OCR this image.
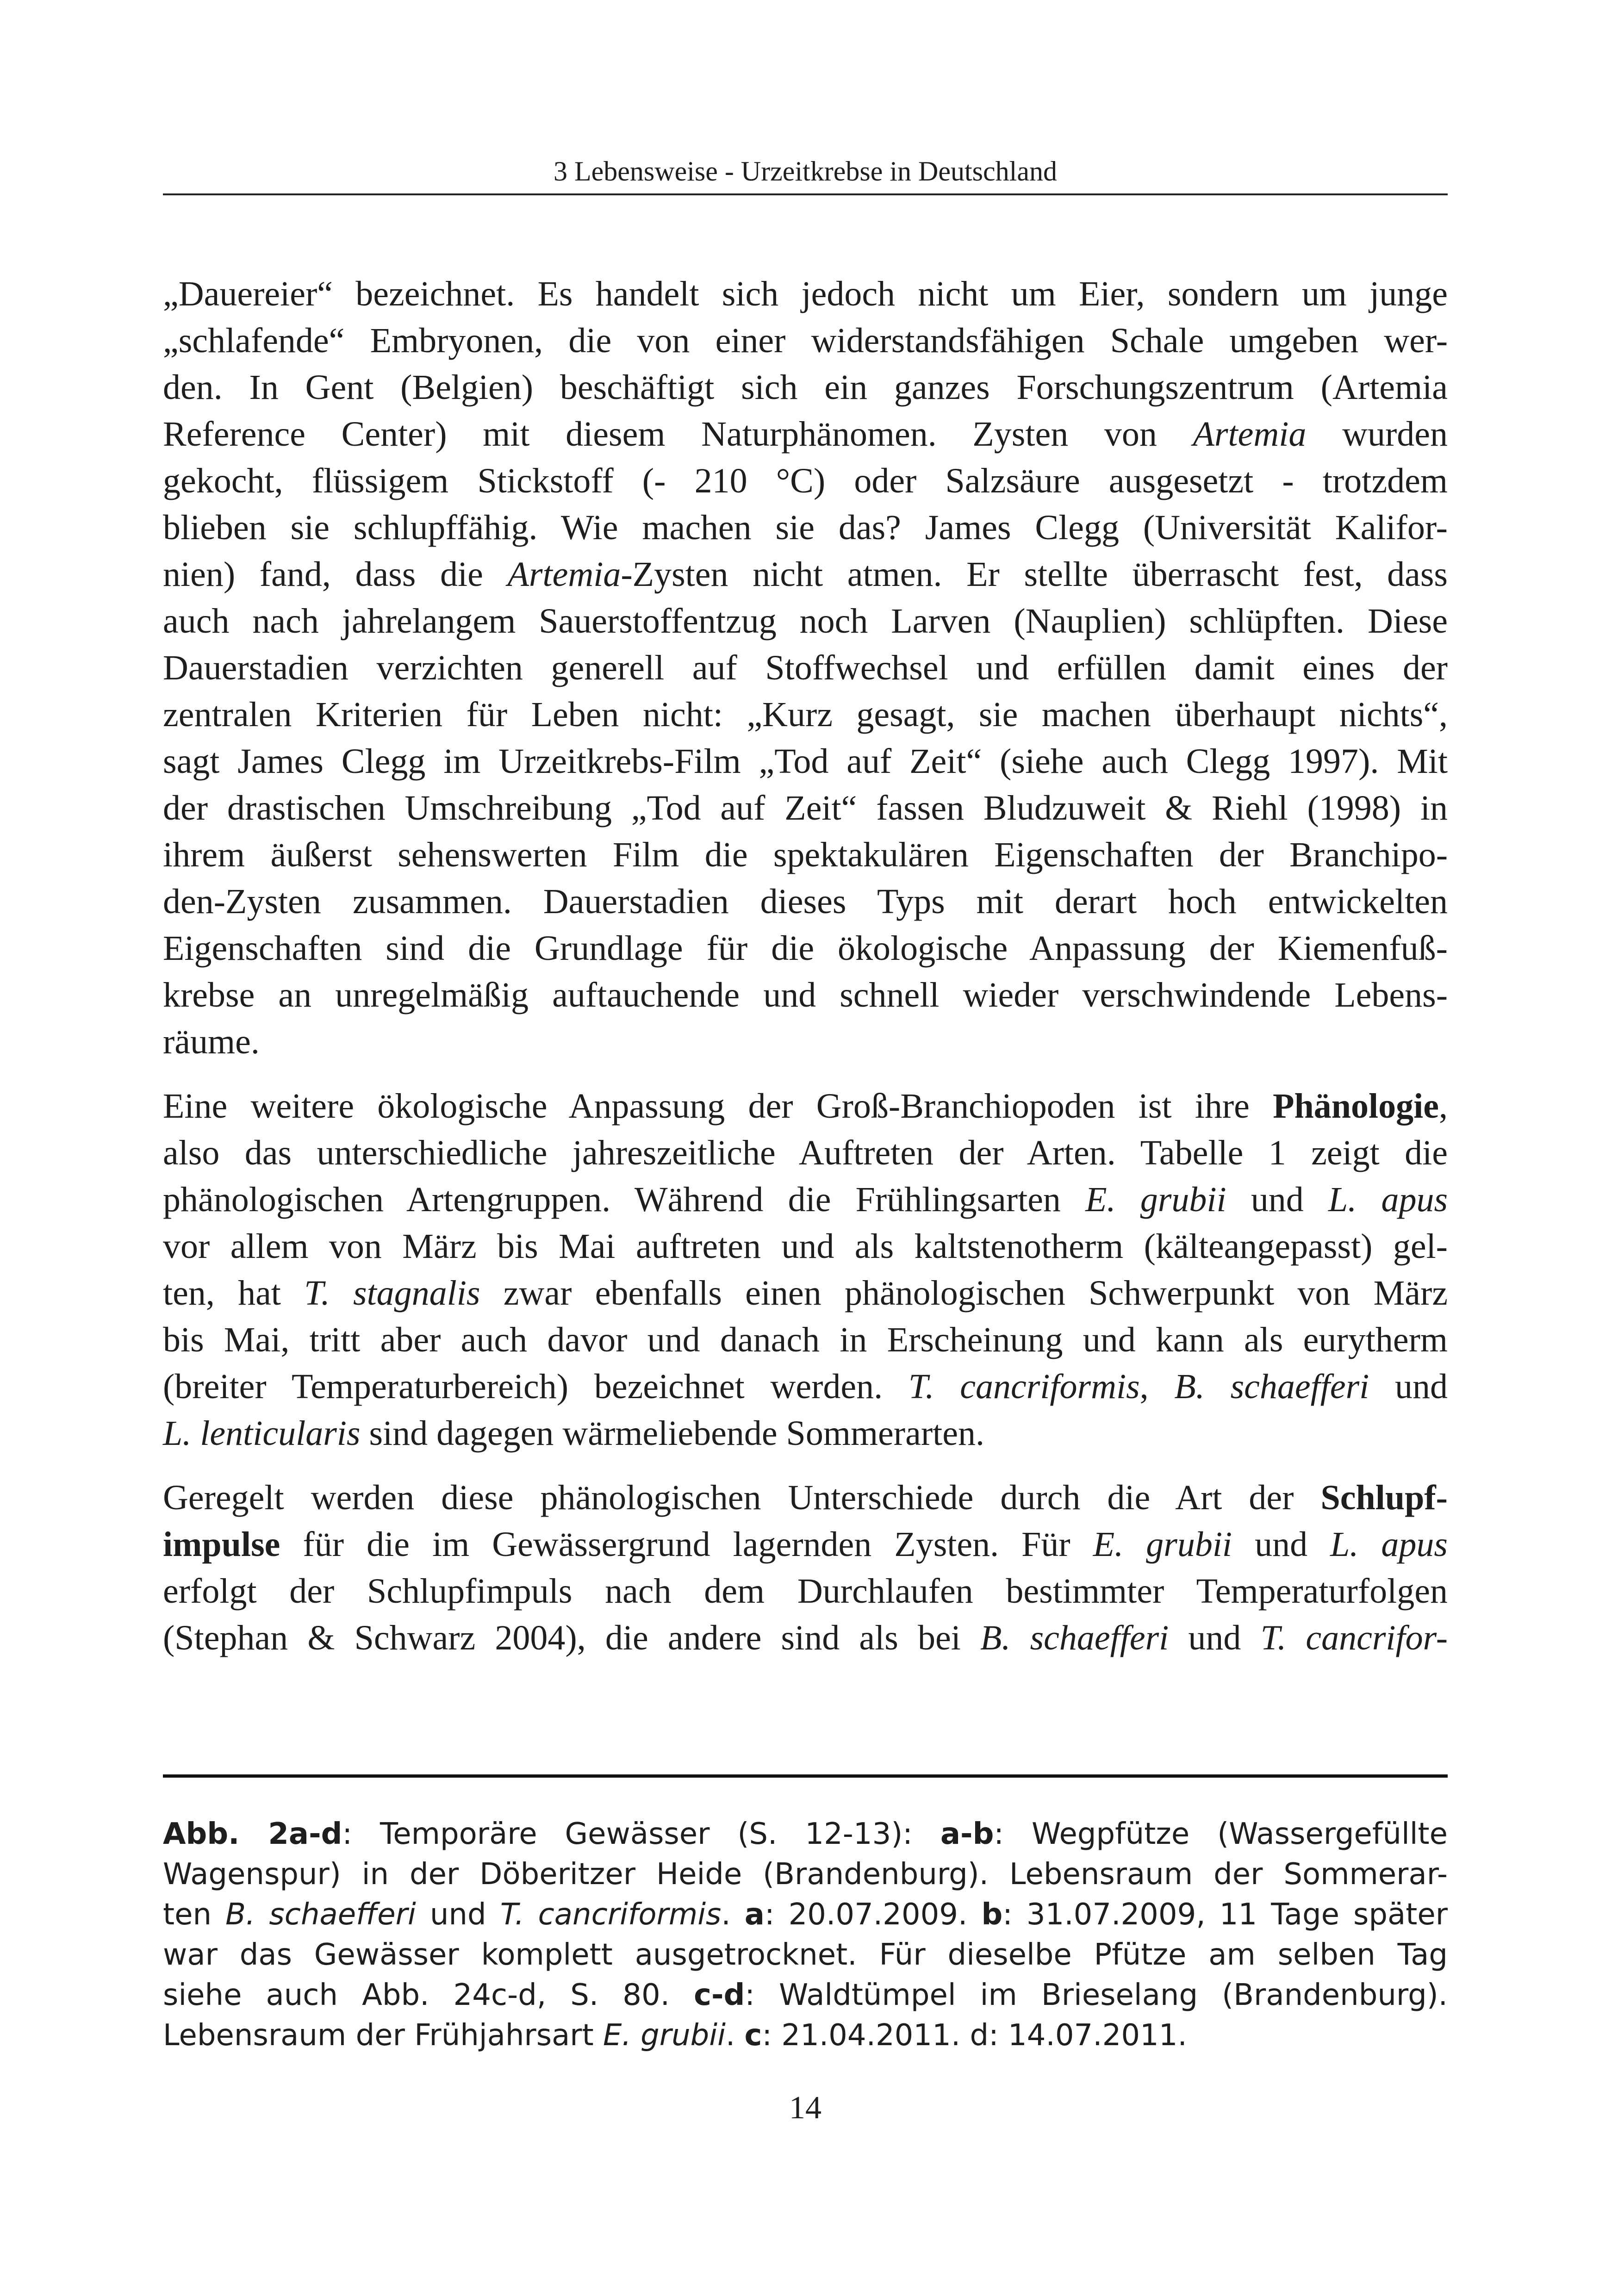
3 Lebensweise - Urzeitkrebse in Deutschland
„Dauereier“ bezeichnet. Es handelt sich jedoch nicht um Eier, sondern um junge
„schlafende“ Embryonen, die von einer widerstandsfähigen Schale umgeben wer-
den. In Gent (Belgien) beschäftigt sich ein ganzes Forschungszentrum (Artemia
Reference Center) mit diesem Naturphänomen. Zysten von Artemia wurden
gekocht, flüssigem Stickstoff (- 210 °C) oder Salzsäure ausgesetzt - trotzdem
blieben sie schlupffähig. Wie machen sie das? James Clegg (Universität Kalifor-
nien) fand, dass die Artemia-Zysten nicht atmen. Er stellte überrascht fest, dass
auch nach jahrelangem Sauerstoffentzug noch Larven (Nauplien) schlüpften. Diese
Dauerstadien verzichten generell auf Stoffwechsel und erfüllen damit eines der
zentralen Kriterien für Leben nicht: „Kurz gesagt, sie machen überhaupt nichts“,
sagt James Clegg im Urzeitkrebs-Film „Tod auf Zeit“ (siehe auch Clegg 1997). Mit
der drastischen Umschreibung „Tod auf Zeit“ fassen Bludzuweit & Riehl (1998) in
ihrem äußerst sehenswerten Film die spektakulären Eigenschaften der Branchipo-
den-Zysten zusammen. Dauerstadien dieses Typs mit derart hoch entwickelten
Eigenschaften sind die Grundlage für die ökologische Anpassung der Kiemenfuß-
krebse an unregelmäßig auftauchende und schnell wieder verschwindende Lebens-
räume.
Eine weitere ökologische Anpassung der Groß-Branchiopoden ist ihre Phänologie,
also das unterschiedliche jahreszeitliche Auftreten der Arten. Tabelle 1 zeigt die
phänologischen Artengruppen. Während die Frühlingsarten E. grubii und L. apus
vor allem von März bis Mai auftreten und als kaltstenotherm (kälteangepasst) gel-
ten, hat T. stagnalis zwar ebenfalls einen phänologischen Schwerpunkt von März
bis Mai, tritt aber auch davor und danach in Erscheinung und kann als eurytherm
(breiter Temperaturbereich) bezeichnet werden. T. cancriformis, B. schaefferi und
L. lenticularis sind dagegen wärmeliebende Sommerarten.
Geregelt werden diese phänologischen Unterschiede durch die Art der Schlupf-
impulse für die im Gewässergrund lagernden Zysten. Für E. grubii und L. apus
erfolgt der Schlupfimpuls nach dem Durchlaufen bestimmter Temperaturfolgen
(Stephan & Schwarz 2004), die andere sind als bei B. schaefferi und T. cancrifor-
Abb. 2a-d: Temporäre Gewässer (S. 12-13): a-b: Wegpfütze (Wassergefüllte
Wagenspur) in der Döberitzer Heide (Brandenburg). Lebensraum der Sommerar-
ten B. schaefferi und T. cancriformis. a: 20.07.2009. b: 31.07.2009, 11 Tage später
war das Gewässer komplett ausgetrocknet. Für dieselbe Pfütze am selben Tag
siehe auch Abb. 24c-d, S. 80. c-d: Waldtümpel im Brieselang (Brandenburg).
Lebensraum der Frühjahrsart E. grubii. c: 21.04.2011. d: 14.07.2011.
14
